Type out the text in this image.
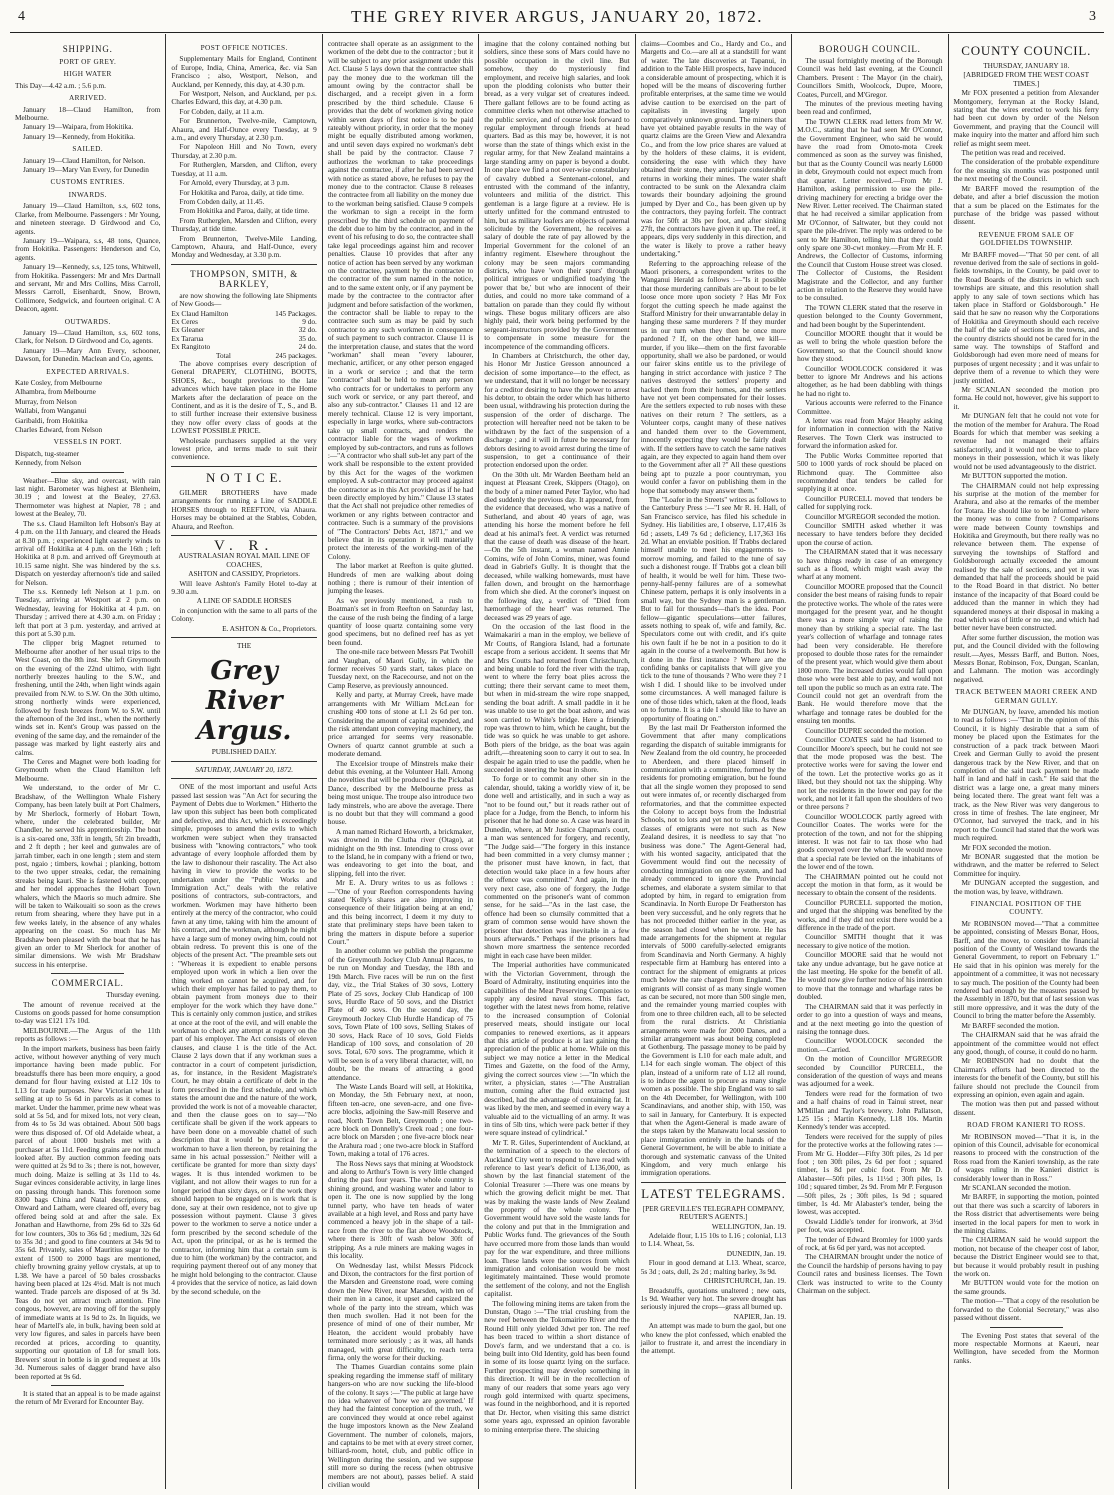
4	THE GREY RIVER ARGUS, JANUARY 20, 1872.	3
SHIPPING.
PORT OF GREY.
HIGH WATER

This Day—4.42 a.m. ; 5.6 p.m.

ARRIVED.

January 18—Claud Hamilton, from Melbourne.

January 19—Waipara, from Hokitika.

January 19—Kennedy, from Hokitika.

SAILED.

January 19—Claud Hamilton, for Nelson.

January 19—Mary Van Every, for Dunedin

CUSTOMS ENTRIES.
INWARDS.

January 19—Claud Hamilton, s.s, 602 tons, Clarke, from Melbourne. Passengers : Mr Young, and nineteen steerage. D Girdwood and Co, agents.

January 19—Waipara, s.s, 48 tons, Quance, from Hokitika. Passengers: Henderson and Co, agents.

January 19—Kennedy, s.s, 125 tons, Whitwell, from Hokitika. Passengers: Mr and Mrs Dartnall and servant, Mr and Mrs Collins, Miss Carroll, Messrs Carroll, Eisenhardt, Snow, Brown, Collimore, Sedgwick, and fourteen original. C A Deacon, agent.

OUTWARDS.

January 19—Claud Hamilton, s.s, 602 tons, Clark, for Nelson. D Girdwood and Co, agents.

January 19—Mary Ann Every, schooner, Dawson, for Dunedin. Maclean and Co, agents.

EXPECTED ARRIVALS.

Kate Cosley, from Melbourne

Alhambra, from Melbourne

Murray, from Nelson

Wallabi, from Wanganui

Garibaldi, from Hokitika

Charles Edward, from Nelson

VESSELS IN PORT.

Dispatch, tug-steamer

Kennedy, from Nelson

Weather—Blue sky, and overcast, with rain last night. Barometer was highest at Blenheim, 30.19 ; and lowest at the Bealey, 27.63. Thermometer was highest at Napier, 78 ; and lowest at the Bealey, 70.

The s.s. Claud Hamilton left Hobson's Bay at 4 p.m. on the 11th January, and cleared the Heads at 8.30 p.m. ; experienced light easterly winds to arrival off Hokitika at 4 p.m. on the 16th ; left Hokitika at 8 p.m. and arrived off Greymouth at 10.15 same night. She was hindered by the s.s. Dispatch on yesterday afternoon's tide and sailed for Nelson.

The s.s. Kennedy left Nelson at 1 p.m. on Tuesday, arriving at Westport at 2 p.m. on Wednesday, leaving for Hokitika at 4 p.m. on Thursday ; arrived there at 4.30 a.m. on Friday ; left that port at 3 p.m. yesterday, and arrived at this port at 5.30 p.m.

The clipper brig Magnet returned to Melbourne after another of her usual trips to the West Coast, on the 8th inst. She left Greymouth on the evening of the 22nd ultimo, with light northerly breezes hauling to the S.W., and freshening, until the 24th, when light winds again prevailed from N.W. to S.W. On the 30th ultimo, strong northerly winds were experienced, followed by fresh breezes from W. to S.W. until the afternoon of the 3rd inst., when the northerly winds set in. Kent's Group was passed on the evening of the same day, and the remainder of the passage was marked by light easterly airs and calms.

The Ceres and Magnet were both loading for Greymouth when the Claud Hamilton left Melbourne.

We understand, to the order of Mr C. Bradshaw, of the Wellington Whale Fishery Company, has been lately built at Port Chalmers, by Mr Sherlock, formerly of Hobart Town, where, under the celebrated builder, Mr Chandler, he served his apprenticeship. The boat is a six-oared one, 33ft in length, 5ft 2in breadth, and 2 ft depth ; her keel and gunwales are of jarrah timber, each in one length ; stem and stern post, ngaio ; timbers, kowhai ; planking, bottom to the two upper streaks, cedar, the remaining streaks being kauri. She is fastened with copper, and her model approaches the Hobart Town whalers, which the Maoris so much admire. She will be taken to Waikouaiti so soon as the crews return from shearing, where they have put in a few weeks lately, in the absence of any whales appearing on the coast. So much has Mr Bradshaw been pleased with the boat that he has given an order to Mr Sherlock for another of similar dimensions. We wish Mr Bradshaw success in his enterprise.

COMMERCIAL.

Thursday evening.

The amount of revenue received at the Customs on goods passed for home consumption to-day was £121 17s 10d.

MELBOURNE.—The Argus of the 11th reports as follows :—

In the import markets, business has been fairly active, without however anything of very much importance having been made public. For breadstuffs there has been more enquiry, a good demand for flour having existed at L12 10s to L13 for trade purposes. New Victorian wheat is selling at up to 5s 6d in parcels as it comes to market. Under the hammer, prime new wheat was sold at 5s 5d, and for mixed lots, not very clean, from 4s to 5s 3d was obtained. About 500 bags were thus disposed of. Of old Adelaide wheat, a parcel of about 1000 bushels met with a purchaser at 5s 11d. Feeding grains are not much looked after. By auction common feeding oats were quitted at 2s 9d to 3s ; there is not, however, much doing. Maize is selling at 3s 11d to 4s. Sugar evinces considerable activity, in large lines on passing through hands. This forenoon some 8300 bags China and Natal descriptions, ex Onward and Latham, were cleared off, every bag offered being sold at and after the sale. Ex Jonathan and Hawthorne, from 29s 6d to 32s 6d for low counters, 30s to 36s 6d ; medium, 32s 6d to 35s 3d ; and good to fine counters at 34s 9d to 35s 6d. Privately, sales of Mauritius sugar to the extent of 1500 to 2000 bags are mentioned, chiefly browning grainy yellow crystals, at up to L38. We have a parcel of 50 bales crossbacks having been placed at 12s 4½d. Malt is not much wanted. Trade parcels are disposed of at 9s 3d. Teas do not yet attract much attention. Fine congous, however, are moving off for the supply of immediate wants at 1s 9d to 2s. In liquids, we hear of Martell's ale, in bulk, having been sold at very low figures, and sales in parcels have been recorded at prices, according to quantity, supporting our quotation of L8 for small lots. Brewers' stout in bottle is in good request at 10s 3d. Numerous sales of dagger brand have also been reported at 9s 6d.

It is stated that an appeal is to be made against the return of Mr Everard for Encounter Bay.

POST OFFICE NOTICES.

Supplementary Mails for England, Continent of Europe, India, China, America, &c. via San Francisco ; also, Westport, Nelson, and Auckland, per Kennedy, this day, at 4.30 p.m.

For Westport, Nelson, and Auckland, per p.s. Charles Edward, this day, at 4.30 p.m.

For Cobden, daily, at 11 a.m.

For Brunnerton, Twelve-mile, Camptown, Ahaura, and Half-Ounce every Tuesday, at 9 a.m., and every Thursday, at 2.30 p.m.

For Napoleon Hill and No Town, every Thursday, at 2.30 p.m.

For Rutherglen, Marsden, and Clifton, every Tuesday, at 11 a.m.

For Arnold, every Thursday, at 3 p.m.

For Hokitika and Paroa, daily, at tide time.

From Cobden daily, at 11.45.

From Hokitika and Paroa, daily, at tide time.

From Rutherglen, Marsden and Clifton, every Thursday, at tide time.

From Brunnerton, Twelve-Mile Landing, Camptown, Ahaura, and Half-Ounce, every Monday and Wednesday, at 3.30 p.m.

THOMPSON, SMITH, & BARKLEY,

are now showing the following late Shipments of New Goods—

Ex Claud Hamilton	145 Packages.
Ex Ceres	9 do.
Ex Gleaner	32 do.
Ex Tararua	35 do.
Ex Rangitoto	24 do.
Total	245 packages.

The above comprises every description of General DRAPERY, CLOTHING, BOOTS, SHOES, &c., bought previous to the late advances which have taken place in the Home Markets after the declaration of peace on the Continent, and as it is the desire of T., S., and B. to still further increase their extensive business they now offer every class of goods at the LOWEST POSSIBLE PRICE.

Wholesale purchasers supplied at the very lowest price, and terms made to suit their convenience.

N O T I C E.

GILMER BROTHERS have made arrangements for running a Line of SADDLE HORSES through to REEFTON, via Ahaura. Horses may be obtained at the Stables, Cobden, Ahaura, and Reefton.

V. R.

AUSTRALASIAN ROYAL MAIL LINE OF COACHES,

ASHTON and CASSIDY, Proprietors.

Will leave Ashton's Family Hotel to-day at 9.30 a.m.

A LINE OF SADDLE HORSES

in conjunction with the same to all parts of the Colony.

E. ASHTON & Co., Proprietors.

THE

Grey River Argus.

PUBLISHED DAILY.

SATURDAY, JANUARY 20, 1872.

ONE of the most important and useful Acts passed last session was "An Act for securing the Payment of Debts due to Workmen." Hitherto the law upon this subject has been both complicated and defective, and this Act, which is exceedingly simple, proposes to amend the evils to which workmen were subject when they transacted business with "knowing contractors," who took advantage of every loophole afforded them by the law to dishonour their rascality. The Act also having in view to provide the works to be undertaken under the "Public Works and Immigration Act," deals with the relative positions of contractors, sub-contractors, and workmen. Workmen may have hitherto been entirely at the mercy of the contractor, who could fawn at any time, taking with him the amount of his contract, and the workman, although he might have a large sum of money owing him, could not obtain redress. To prevent this is one of the objects of the present Act. "The preamble sets out : "Whereas it is expedient to enable persons employed upon work in which a lien over the thing worked on cannot be acquired, and for which their employer has failed to pay them, to obtain payment from moneys due to their employer for the work which they have done." This is certainly only common justice, and strikes at once at the root of the evil, and will enable the workman to check any attempt at roguery on the part of his employer. The Act consists of eleven clauses, and clause 1 is the title of the Act. Clause 2 lays down that if any workman sues a contractor in a court of competent jurisdiction, as, for instance, in the Resident Magistrate's Court, he may obtain a certificate of debt in the form prescribed in the first schedule, and which states the amount due and the nature of the work, provided the work is not of a moveable character, and then the clause goes on to say—"No certificate shall be given if the work appears to have been done on a moveable chattel of such description that it would be practical for a workman to have a lien thereon, by retaining the same in his actual possession." Neither will a certificate be granted for more than sixty days' wages. It is thus intended workmen to be vigilant, and not allow their wages to run for a longer period than sixty days, or if the work they should happen to be engaged on is work that is done, say at their own residence, not to give up possession without payment. Clause 3 gives power to the workmen to serve a notice under a form prescribed by the second schedule of the Act, upon the principal, or as he is termed the contractor, informing him that a certain sum is due to him (the workman) by the contractor, and requiring payment thereof out of any money that he might hold belonging to the contractor. Clause 4 provides that the service of notice, as laid down by the second schedule, on the

contractee shall operate as an assignment to the workmen of the debt due to the contractor ; but it will be subject to any prior assignment under this Act. Clause 5 lays down that the contractee shall pay the money due to the workman till the amount owing by the contractor shall be discharged, and a receipt given in a form prescribed by the third schedule. Clause 6 provides that the debt of workmen giving notice within seven days of first notice is to be paid rateably without priority, in order that the money might be equally distributed among workmen, and until seven days expired no workman's debt shall be paid by the contractor. Clause 7 authorizes the workman to take proceedings against the contractee, if after he had been served with notice as stated above, he refuses to pay the money due to the contractor. Clause 8 releases the contractee from all liability on the money due to the workman being satisfied. Clause 9 compels the workman to sign a receipt in the form prescribed by the third schedule on payment of the debt due to him by the contractor, and in the event of his refusing to do so, the contractee shall take legal proceedings against him and recover penalties. Clause 10 provides that after any notice of action has been served by any workman on the contractee, payment by the contractee to the contractor of the sum named in the notice, and to the same extent only, or if any payment be made by the contractee to the contractor after judgment and before satisfaction of the workmen, the contractor shall be liable to repay to the contractee such sum as may be paid by such contractor to any such workmen in consequence of such payment to such contractor. Clause 11 is the interpretation clause, and states that the word "workman" shall mean "every labourer, mechanic, artificer, or any other person engaged in a work or service ; and that the term "contractor" shall be held to mean any person who contracts for or undertakes to perform any such work or service, or any part thereof, and also any sub-contractor." Clauses 11 and 12 are merely technical. Clause 12 is very important, especially in large works, where sub-contractors take up small contracts, and renders the contractor liable for the wages of workmen employed by sub-contractors, and runs as follows :—"A contractor who shall sub-let any part of the work shall be responsible to the extent provided by this Act for the wages of the workmen employed. A sub-contractor may proceed against the contractor as in this Act provided as if he had been directly employed by him." Clause 13 states that the Act shall not prejudice other remedies of workmen or any rights between contractor and contractee. Such is a summary of the provisions of "The Contractors' Debts Act, 1871," and we believe that in its operation it will materially protect the interests of the working-men of the Colony.

The labor market at Reefton is quite glutted. Hundreds of men are walking about doing nothing ; there is rumour of their intention of jumping the leases.

As we previously mentioned, a rush to Boatman's set in from Reefton on Saturday last, the cause of the rush being the finding of a large quantity of loose quartz containing some very good specimens, but no defined reef has as yet been found.

The one-mile race between Messrs Pat Twohill and Vaughan, of Maori Gully, in which the former receives 50 yards start, takes place on Tuesday next, on the Racecourse, and not on the Camp Reserve, as previously announced.

Kelly and party, at Murray Creek, have made arrangements with Mr William McLean for crushing 400 tons of stone at L1 2s 6d per ton. Considering the amount of capital expended, and the risk attendant upon conveying machinery, the price arranged for seems very reasonable. Owners of quartz cannot grumble at such a moderate demand.

The Excelsior troupe of Minstrels make their debut this evening, at the Volunteer Hall. Among the novelties that will be produced is the Pickabal Dance, described by the Melbourne press as being most unique. The troupe also introduce two lady minstrels, who are above the average. There is no doubt but that they will command a good house.

A man named Richard Howorth, a brickmaker, was drowned in the Clutha river (Otago), at midnight on the 9th inst. Intending to cross over to the Island, he in company with a friend or two, was endeavoring to get into the boat, and slipping, fell into the river.

Mr E. A. Drury writes to us as follows :—"One of your Reefton correspondents having stated 'Kelly's shares are also improving in consequence of their litigation being at an end,' and this being incorrect, I deem it my duty to state that preliminary steps have been taken to bring the matters in dispute before a superior Court."

In another column we publish the programme of the Greymouth Jockey Club Annual Races, to be run on Monday and Tuesday, the 18th and 19th March. Five races will be run on the first day, viz., the Trial Stakes of 30 sovs, Lottery Plate of 25 sovs, Jockey Club Handicap of 100 sovs, Hurdle Race of 50 sovs, and the District Plate of 40 sovs. On the second day, the Greymouth Jockey Club Hurdle Handicap of 75 sovs, Town Plate of 100 sovs, Selling Stakes of 30 sovs, Hack Race of 10 sovs, Gold Fields Handicap of 100 sovs, and consolation of 20 sovs. Total, 670 sovs. The programme, which it will be seen is of a very liberal character, will, no doubt, be the means of attracting a good attendance.

The Waste Lands Board will sell, at Hokitika, on Monday, the 5th February next, at noon, fifteen ten-acre, one seven-acre, and one five-acre blocks, adjoining the Saw-mill Reserve and road, North Town Belt, Greymouth ; one two-acre block on Donnelly's Creek road ; one four-acre block on Marsden ; one five-acre block near the Arahura road ; one two-acre block in Stafford Town, making a total of 176 acres.

The Ross News says that mining at Woodstock and along to Arthur's Town is very little changed during the past four years. The whole country is shining ground, and washing water and labor to open it. The one is now supplied by the long tunnel party, who have ten heads of water available at a high level, and Ross and party have commenced a heavy job in the shape of a tail-race from the river to the flat above Woodstock, where there is 30ft of wash below 30ft of stripping. As a rule miners are making wages in this locality.

On Wednesday last, whilst Messrs Pidcock and Dixon, the contractors for the first portion of the Marsden and Greenstone road, were coming down the New River, near Marsden, with ten of their men in a canoe, it upset and capsized the whole of the party into the stream, which was then much swollen. Had it not been for the presence of mind of one of their number, Mr Heaton, the accident would probably have terminated more seriously ; as it was, all hands managed, with great difficulty, to reach terra firma, only the worse for their ducking.

The Thames Guardian contains some plain speaking regarding the immense staff of military hangers-on who are now sucking the life-blood of the colony. It says :—"The public at large have no idea whatever of 'how we are governed.' If they had the faintest conception of the truth, we are convinced they would at once rebel against the huge impostors known as the New Zealand Government. The number of colonels, majors, and captains to be met with at every street corner, billiard-room, hotel, club, and public office in Wellington during the session, and we suppose still more so during the recess (when obtrusive members are not about), passes belief. A staid civilian would

imagine that the colony contained nothing but soldiers, since these sons of Mars could have no possible occupation in the civil line. But somehow, they do mysteriously find employment, and receive high salaries, and look upon the plodding colonists who butter their bread, as a very vulgar set of creatures indeed. There gallant fellows are to be found acting as committee clerks when not otherwise attached to the public service, and of course look forward to regular employment through friends at head quarters. Bad as this may be, however, it is not worse than the state of things which exist in the regular army, for that New Zealand maintains a large standing army on paper is beyond a doubt. In one place we find a not over-wise constabulary of cavalry dubbed a Sentenant-colonel, and entrusted with the command of the infantry, volunteers and militia of the district. This gentleman is a large figure at a review. He is utterly unfitted for the command entrusted to him, but as military loafers are objects of paternal solicitude by the Government, he receives a salary of double the rate of pay allowed by the Imperial Government for the colonel of an infantry regiment. Elsewhere throughout the colony may be seen majors commanding districts, who have 'won their spurs' through political intrigues or undignified toadying 'the power that be,' but who are innocent of their duties, and could no more take command of a battalion on parade than they could fly without wings. These bogus military officers are also highly paid, their work being performed by the sergeant-instructors provided by the Government to compensate in some measure for the incompetence of the commanding officers.

In Chambers at Christchurch, the other day, his Honor Mr Justice Gresson announced a decision of some importance—to the effect, as we understand, that it will no longer be necessary for a creditor desiring to have the power to arrest his debtor, to obtain the order which has hitherto been usual, withdrawing his protection during the suspension of the order of discharge. The protection will hereafter need not be taken to be withdrawn by the fact of the suspension of a discharge ; and it will in future be necessary for debtors desiring to avoid arrest during the time of suspension, to get a continuance of their protection endorsed upon the order.

On the 30th ult. Mr Warden Beetham held an inquest at Pleasant Creek, Skippers (Otago), on the body of a miner named Peter Taylor, who had died suddenly the previous day. It appeared, from the evidence that deceased, who was a native of Sutherland, and about 40 years of age, was attending his horse the moment before he fell dead at his animal's feet. A verdict was returned that the cause of death was disease of the heart.—On the 5th instant, a woman named Annie Comins, wife of John Comins, miner, was found dead in Gabriel's Gully. It is thought that the deceased, while walking homewards, must have fallen down, and brought on the hæmorrhage from which she died. At the coroner's inquest on the following day, a verdict of "Died from hæmorrhage of the heart" was returned. The deceased was 29 years of age.

On the occasion of the last flood in the Waimakariri a man in the employ, we believe of Mr Coutts, of Rangiora Island, had a fortunate escape from a serious accident. It seems that Mr and Mrs Coutts had returned from Christchurch, and being unable to ford the river with the trap, went to where the ferry boat plies across the cutting; there their servant came to meet them, but when in mid-stream the wire rope snapped, sending the boat adrift. A small paddle in it he was unable to use to get the boat ashore, and was soon carried to White's bridge. Here a friendly rope was thrown to him, which he caught, but the tide was so quick he was unable to get ashore. Both piers of the bridge, as the boat was again adrift,—threatening soon to carry it out to sea. In despair he again tried to use the paddle, when he succeeded in steering the boat in shore.

To forge or to commit any other sin in the calendar, should, taking a worldly view of it, be done well and artistically, and in such a way as "not to be found out," but it reads rather out of place for a Judge, from the Bench, to inform his prisoner that he had done so. A case was heard in Dunedin, where, at Mr Justice Chapman's court, a man was sentenced for forgery, and recently, "The Judge said—"The forgery in this instance had been committed in a very clumsy manner ; the prisoner must have known, in fact, that detection would take place in a few hours after the offence was committed." And again, in the very next case, also one of forgery, the Judge commented on the prisoner's want of common sense, for he said—"As in the last case, the offence had been so clumsily committed that a gram of common sense would have shown the prisoner that detection was inevitable in a few hours afterwards." Perhaps if the prisoners had shown more smartness the sentence recorded might in each case have been milder.

The Imperial authorities have communicated with the Victorian Government, through the Board of Admiralty, instituting enquiries into the capabilities of the Meat Preserving Companies to supply any desired naval stores. This fact, together with the latest news from home, relative to the increased consumption of Colonial preserved meats, should instigate our local companies to renewed exertions, as it appears that this article of produce is at last gaining the appreciation of the public at home. While on this subject we may notice a letter in the Medical Times and Gazette, on the food of the Army, giving the correct sources view :—"In which the writer, a physician, states :—"The Australian mutton, coming after the fluid extracted just described, had the advantage of containing fat. It was liked by the men, and seemed in every way a valuable aid to the victualling of an army. It was in tins of 5lb tins, which were pack better if they were square instead of cylindrical."

Mr T. R. Giles, Superintendent of Auckland, at the termination of a speech to the electors of Auckland City went to respond to have read with reference to last year's deficit of L136,000, as shown by the last financial statement of the Colonial Treasurer :—There was one means by which the growing deficit might be met. That was by making the waste lands of New Zealand the property of the whole colony. The Government would have sold the waste lands for the colony and put that in the Immigration and Public Works fund. The grievances of the South have occurred more from those lands than would pay for the war expenditure, and three millions loan. These lands were the sources from which immigration and colonisation would be most legitimately maintained. These would promote the settlement of the colony, and not the English capitalist.

The following mining items are taken from the Dunstan, Otago :—"The trial crushing from the new reef between the Tokomairiro River and the Round Hill only yielded 3dwt per ton. The reef has been traced to within a short distance of Dove's farm, and we understand that a co. is being built into Old Identity, gold has been found in some of its loose quartz lying on the surface. Further prospecting may develop something in this direction. It will be in the recollection of many of our readers that some years ago very rough gold intermixed with quartz specimens, was found in the neighborhood, and it is reported that Dr. Hector, when visiting this same district some years ago, expressed an opinion favorable to mining enterprise there. The sluicing

claims—Coombes and Co., Hardy and Co., and Margetts and Co.—are all at a standstill for want of water. The late discoveries at Tapanui, in addition to the Table Hill prospects, have induced a considerable amount of prospecting, which it is hoped will be the means of discovering further profitable enterprises, at the same time we would advise caution to be exercised on the part of capitalists in investing largely upon comparatively unknown ground. The miners that have yet obtained payable results in the way of quartz claims are the Green View and Alexandra Co., and from the low price shares are valued at by the holders of these claims, it is evident, considering the ease with which they have obtained their stone, they anticipate considerable returns in working their mines. The water shaft contracted to be sunk on the Alexandra claim towards their boundary adjoining the ground jumped by Dyer and Co., has been given up by the contractors, they paying forfeit. The contract was for 50ft at 30s per foot, and after sinking 27ft, the contractors have given it up. The reef, it appears, dips very suddenly in this direction, and the water is likely to prove a rather heavy undertaking."

Referring to the approaching release of the Maori prisoners, a correspondent writes to the Wanganui Herald as follows :—"Is it possible that those murdering cannibals are about to be let loose once more upon society ? Has Mr Fox forgot the cutting speech he made against the Stafford Ministry for their unwarrantable delay in hanging these same murderers ? If they murder us in our turn when they then be once more pardoned ? If, on the other hand, we kill—murder, if you like—them on the first favorable opportunity, shall we also be pardoned, or would our fairer skins entitle us to the privilege of hanging in strict accordance with justice ? The natives destroyed the settlers' property and hacked them from their homes, and the settlers have not yet been compensated for their losses. Are the settlers expected to rub noses with these natives on their return ? The settlers, as a Volunteer corps, caught many of these natives and handed them over to the Government, innocently expecting they would be fairly dealt with. If the settlers have to catch the same natives again, are they expected to again hand them over to the Government after all ?" All these questions being apt to puzzle a poor countryman, you would confer a favor on publishing them in the hope that somebody may answer them."

The "Loafer in the Streets" writes as follows to the Canterbury Press :—"I see Mr R. H. Hall, of San Francisco service, has filed his schedule in Sydney. His liabilities are, I observe, L17,416 3s 6d ; assets, L49 7s 6d ; deficiency, L17,363 16s 2d. What an enviable position. If Trabbs declared himself unable to meet his engagements to-morrow morning, and failed to the tune of say such a dishonest rouge. If Trabbs got a clean bill of health, it would be well for him. These two-penny-half-penny failures are of a somewhat Chinese pattern, perhaps it is only insolvents in a small way, but the Sydney man is a gentleman. But to fail for thousands—that's the idea. Poor fellow—gigantic speculations—utter failures, assets nothing to speak of, wife and family, &c. Speculators come out with credit, and it's quite his own fault if he be not in a position to do it again in the course of a twelvemonth. But how is it done in the first instance ? Where are the confiding banks or capitalists that will give you tick to the tune of thousands ? Who were they ? I wish I did. I should like to be involved under some circumstances. A well managed failure is one of those tides which, taken at the flood, leads on to fortune. It is a tide I should like to have an opportunity of floating on."

By the last mail Dr Featherston informed the Government that after many complications regarding the dispatch of suitable immigrants for New Zealand from the old country, he proceeded to Aberdeen, and there placed himself in communication with a committee, formed by the residents for promoting emigration, but he found that all the single women they proposed to send out were inmates of, or recently discharged from reformatories, and that the committee expected the Colony to accept boys from the Industrial Schools, not to lots and yet not to trials. As these classes of emigrants were not such as New Zealand desires, it is needless to say that "no business was done." The Agent-General had, with his wonted sagacity, anticipated that the Government would find out the necessity of conducting immigration on one system, and had already commenced to ignore the Provincial schemes, and elaborate a system similar to that adopted by him, in regard to emigration from Scandinavia. In North Europe Dr Featherston has been very successful, and he only regrets that he has not proceeded thither earlier in the year, as the season had closed when he wrote. He has made arrangements for the shipment at regular intervals of 5000 carefully-selected emigrants from Scandinavia and North Germany. A highly respectable firm at Hamburg has entered into a contract for the shipment of emigrants at prices much below the rate charged from England. The emigrants will consist of as many single women as can be secured, not more than 500 single men, and the remainder young married couples with from one to three children each, all to be selected from the rural districts. At Christiania arrangements were made for 2000 Danes, and a similar arrangement was about being completed at Gothenburg. The passage money to be paid by the Government is L10 for each male adult, and L14 for each single woman. The object of this plan, instead of a uniform rate of L12 all round, is to induce the agent to procure as many single women as possible. The ship England was to sail on the 4th December, for Wellington, with 100 Scandinavians, and another ship, with 150, was to sail in January, for Canterbury. It is expected that when the Agent-General is made aware of the steps taken by the Manawatu local session to place immigration entirely in the hands of the General Government, he will be able to initiate a thorough and systematic canvass of the United Kingdom, and very much enlarge his immigration operations.

LATEST TELEGRAMS.

[PER GREVILLE'S TELEGRAPH COMPANY, REUTER'S AGENTS.]

WELLINGTON, Jan. 19.

Adelaide flour, L15 10s to L16 ; colonial, L13 to L14. Wheat, 5s.

DUNEDIN, Jan. 19.

Flour in good demand at L13. Wheat, scarce, 5s 3d ; oats, dull, 2s 2d ; malting barley, 3s 9d.

CHRISTCHURCH, Jan. 19.

Breadstuffs, quotations unaltered ; new oats, 1s 9d. Weather very hot. The severe drought has seriously injured the crops—grass all burned up.

NAPIER, Jan. 19.

An attempt was made to burn the gaol, but one who knew the plot confessed, which enabled the jailor to frustrate it, and arrest the incendiary in the attempt.

BOROUGH COUNCIL.

The usual fortnightly meeting of the Borough Council was held last evening, at the Council Chambers. Present : The Mayor (in the chair), Councillors Smith, Woolcock, Dupre, Moore, Coates, Purcell, and M'Gregor.

The minutes of the previous meeting having been read and confirmed,

The TOWN CLERK read letters from Mr W. M.O.C., stating that he had seen Mr O'Connor, the Government Engineer, who said he would have the road from Omoto-mota Creek commenced as soon as the survey was finished, but that as the County Council was nearly L6000 in debt, Greymouth could not expect much from that quarter. Letter received.—From Mr J. Hamilton, asking permission to use the pile-driving machinery for erecting a bridge over the New River. Letter received. The Chairman stated that he had received a similar application from Mr O'Connor, of Saltwater, but they could not spare the pile-driver. The reply was ordered to be sent to Mr Hamilton, telling him that they could only spare one 30-cwt monkey.—From Mr H. F. Andrews, the Collector of Customs, informing the Council that Custom House street was closed. The Collector of Customs, the Resident Magistrate and the Collector, and any further action in relation to the Reserve they would have to be consulted.

The TOWN CLERK stated that the reserve in question belonged to the County Government, and had been bought by the Superintendent.

Councillor MOORE thought that it would be as well to bring the whole question before the Government, so that the Council should know how they stood.

Councillor WOOLCOCK considered it was better to ignore Mr Andrews and his actions altogether, as he had been dabbling with things he had no right to.

Various accounts were referred to the Finance Committee.

A letter was read from Major Heaphy asking for information in connection with the Native Reserves. The Town Clerk was instructed to forward the information asked for.

The Public Works Committee reported that 500 to 1000 yards of rock should be placed on Richmond quay. The Committee also recommended that tenders be called for supplying it at once.

Councillor PURCELL moved that tenders be called for supplying rock.

Councillor M'GREGOR seconded the motion.

Councillor SMITH asked whether it was necessary to have tenders before they decided upon the course of action.

The CHAIRMAN stated that it was necessary to have things ready in case of an emergency such as a flood, which might wash away the wharf at any moment.

Councillor MOORE proposed that the Council consider the best means of raising funds to repair the protective works. The whole of the rates were mortgaged for the present year, and he thought there was a more simple way of raising the money than by striking a special rate. The last year's collection of wharfage and tonnage rates had been very considerable. He therefore proposed to double those rates for the remainder of the present year, which would give them about 1800 more. The increased duties would fall upon those who were best able to pay, and would not tell upon the public so much as an extra rate. The Council could not get an overdraft from the Bank. He would therefore move that the wharfage and tonnage rates be doubled for the ensuing ten months.

Councillor DUPRE seconded the motion.

Councillor COATES said he had listened to Councillor Moore's speech, but he could not see that the mode proposed was the best. The protective works were for saving the lower end of the town. Let the protective works go as it liked, but they should not tax the shipping. Why not let the residents in the lower end pay for the work, and not let it fall upon the shoulders of two or three persons ?

Councillor WOOLCOCK partly agreed with Councillor Coates. The works were for the protection of the town, and not for the shipping interest. It was not fair to tax those who had goods conveyed over the wharf. He would move that a special rate be levied on the inhabitants of the lower end of the town.

The CHAIRMAN pointed out he could not accept the motion in that form, as it would be necessary to obtain the consent of the residents.

Councillor PURCELL supported the motion, and urged that the shipping was benefited by the works, and if they did not exist there would be a difference in the trade of the port.

Councillor SMITH thought that it was necessary to give notice of the motion.

Councillor MOORE said that he would not take any undue advantage, but he gave notice at the last meeting. He spoke for the benefit of all. He would now give further notice of his intention to move that the tonnage and wharfage rates be doubled.

The CHAIRMAN said that it was perfectly in order to go into a question of ways and means, and at the next meeting go into the question of raising the tonnage dues.

Councillor WOOLCOCK seconded the motion.—Carried.

On the motion of Councillor M'GREGOR seconded by Councillor PURCELL, the consideration of the question of ways and means was adjourned for a week.

Tenders were read for the formation of two and a half chains of road in Tainui street, near M'Millan and Taylor's brewery. John Pallatson, L25 15s ; Martin Kennedy, L18 10s. Martin Kennedy's tender was accepted.

Tenders were received for the supply of piles for the protective works at the following rates :—From Mr G. Hodder—Fifty 30ft piles, 2s 1d per foot ; ten 30ft piles, 2s 6d per foot ; squared timber, 1s 8d per cubic foot. From Mr D. Alabaster—50ft piles, 1s 11½d ; 30ft piles, 1s 10d ; squared timber, 2s 9d. From Mr P. Ferguson—50ft piles, 2s ; 30ft piles, 1s 9d ; squared timber, 1s 4d. Mr Alabaster's tender, being the lowest, was accepted.

Oswald Liddle's tender for ironwork, at 3½d per foot, was accepted.

The tender of Edward Bromley for 1000 yards of rock, at 6s 6d per yard, was not accepted.

The CHAIRMAN brought under the notice of the Council the hardship of persons having to pay Council rates and business licenses. The Town Clerk was instructed to write to the County Chairman on the subject.

COUNTY COUNCIL.

THURSDAY, JANUARY 18.

[ABRIDGED FROM THE WEST COAST TIMES.]

Mr FOX presented a petition from Alexander Montgomery, ferryman at the Rocky Island, stating that the wires erected to work his ferry had been cut down by order of the Nelson Government, and praying that the Council will make inquiry into the matter and afford him such relief as might seem meet.

The petition was read and received.

The consideration of the probable expenditure for the ensuing six months was postponed until the next meeting of the Council.

Mr BARFF moved the resumption of the debate, and after a brief discussion the motion that a sum be placed on the Estimates for the purchase of the bridge was passed without dissent.

REVENUE FROM SALE OF GOLDFIELDS TOWNSHIP.

Mr BARFF moved—"That 50 per cent. of all revenue derived from the sale of sections in gold-fields townships, in the County, be paid over to the Road Boards of the districts in which such townships are situate, and this resolution shall apply to any sale of town sections which has taken place in Stafford or Goldsborough." He said that he saw no reason why the Corporations of Hokitika and Greymouth should each receive the half of the sale of sections in the towns, and the country districts should not be cared for in the same way. The townships of Stafford and Goldsborough had even more need of means for purposes of urgent necessity ; and it was unfair to deprive them of a revenue to which they were justly entitled.

Mr SCANLAN seconded the motion pro forma. He could not, however, give his support to it.

Mr DUNGAN felt that he could not vote for the motion of the member for Arahura. The Road Boards for which that member was seeking a revenue had not managed their affairs satisfactorily, and it would not be wise to place moneys in their possession, which it was likely would not be used advantageously to the district.

Mr BUTTON supported the motion.

The CHAIRMAN could not help expressing his surprise at the motion of the member for Arahura, and also at the remarks of the member for Totara. He should like to be informed where the money was to come from ? Comparisons were made between County townships and Hokitika and Greymouth, but there really was no relevance between them. The expense of surveying the townships of Stafford and Goldsborough actually exceeded the amount realised by the sale of sections, and yet it was demanded that half the proceeds should be paid to the Road Board in that district. No better instance of the incapacity of that Board could be adduced than the manner in which they had squandered moneys at their disposal in making a road which was of little or no use, and which had better never have been constructed.

After some further discussion, the motion was put, and the Council divided with the following result.—Ayes, Messrs Barff, and Button. Noes, Messrs Bonar, Robinson, Fox, Dungan, Scanlan, and Lahmann. The motion was accordingly negatived.

TRACK BETWEEN MAORI CREEK AND GERMAN GULLY.

Mr DUNGAN, by leave, amended his motion to read as follows :—"That in the opinion of this Council, it is highly desirable that a sum of money be placed upon the Estimates for the construction of a pack track between Maori Creek and German Gully to avoid the present dangerous track by the New River, and that on completion of the said track payment be made half in land and half in cash." He said that the district was a large one, a great many miners being located there. The great want felt was a track, as the New River was very dangerous to cross in time of freshes. The late engineer, Mr O'Connor, had surveyed the track, and in his report to the Council had stated that the work was much required.

Mr FOX seconded the motion.

Mr BONAR suggested that the motion be withdrawn, and the matter be referred to Select Committee for inquiry.

Mr DUNGAN accepted the suggestion, and the motion was, by leave, withdrawn.

FINANCIAL POSITION OF THE COUNTY.

Mr ROBINSON moved—"That a committee be appointed, consisting of Messrs Bonar, Hoos, Barff, and the mover, to consider the financial position of the County of Westland towards the General Government, to report on February 1." He said that in his opinion was merely for the appointment of a committee, it was not necessary to say much. The position of the County had been rendered bad enough by the measures passed by the Assembly in 1870, but that of last session was still more oppressive, and it was the duty of the Council to bring the matter before the Assembly.

Mr BARFF seconded the motion.

The CHAIRMAN said that he was afraid the appointment of the committee would not effect any good, though, of course, it could do no harm.

Mr ROBINSON had no doubt that the Chairman's efforts had been directed to the interests for the benefit of the County, but still his failure should not preclude the Council from expressing an opinion, even again and again.

The motion was then put and passed without dissent.

ROAD FROM KANIERI TO ROSS.

Mr ROBINSON moved—"That it is, in the opinion of this Council, advisable for economical reasons to proceed with the construction of the Ross road from the Kanieri township, as the rate of wages ruling in the Kanieri district is considerably lower than in Ross."

Mr SCANLAN seconded the motion.

Mr BARFF, in supporting the motion, pointed out that there was such a scarcity of laborers in the Ross district that advertisements were being inserted in the local papers for men to work in the mining claims.

The CHAIRMAN said he would support the motion, not because of the cheaper cost of labor, because the District Engineer would see to that, but because it would probably result in pushing the work on.

Mr BUTTON would vote for the motion on the same grounds.

The motion—"That a copy of the resolution be forwarded to the Colonial Secretary," was also passed without dissent.

The Evening Post states that several of the more respectable Mormons at Kaeuri, near Wellington, have seceded from the Mormon ranks.
